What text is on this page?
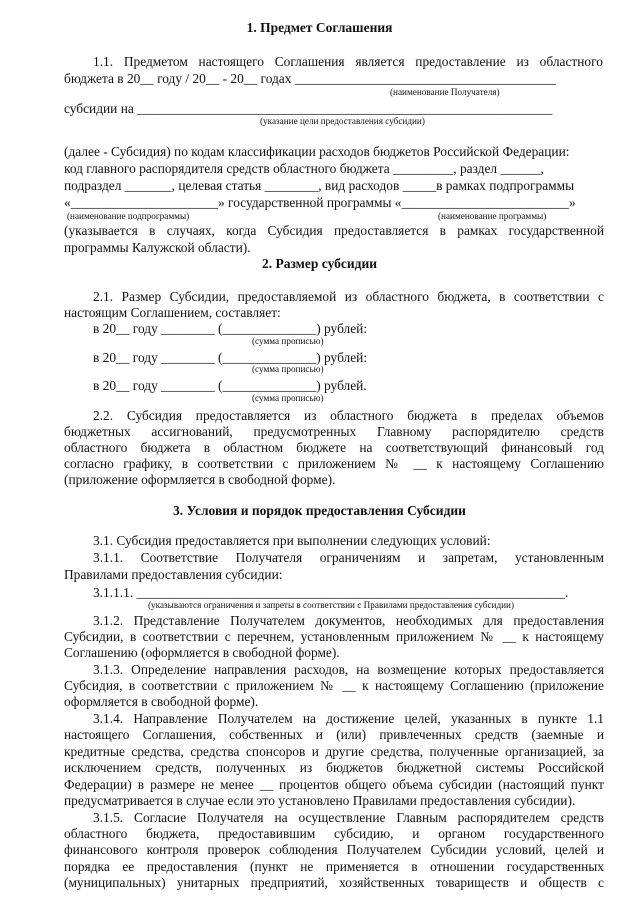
1. Предмет Соглашения
1.1. Предметом настоящего Соглашения является предоставление из областного
бюджета в 20__ году / 20__ - 20__ годах _______________________________________
(наименование Получателя)
субсидии на ______________________________________________________________
(указание цели предоставления субсидии)
(далее - Субсидия) по кодам классификации расходов бюджетов Российской Федерации:
код главного распорядителя средств областного бюджета _________, раздел ______,
подраздел _______, целевая статья ________, вид расходов _____в рамках подпрограммы
«______________________» государственной программы «_________________________»
(наименование подпрограммы)	(наименование программы)
(указывается в случаях, когда Субсидия предоставляется в рамках государственной
программы Калужской области).
2. Размер субсидии
2.1. Размер Субсидии, предоставляемой из областного бюджета, в соответствии с
настоящим Соглашением, составляет:
в 20__ году ________ (______________) рублей:
(сумма прописью)
в 20__ году ________ (______________) рублей:
(сумма прописью)
в 20__ году ________ (______________) рублей.
(сумма прописью)
2.2. Субсидия предоставляется из областного бюджета в пределах объемов
бюджетных ассигнований, предусмотренных Главному распорядителю средств
областного бюджета в областном бюджете на соответствующий финансовый год
согласно графику, в соответствии с приложением № __ к настоящему Соглашению
(приложение оформляется в свободной форме).
3. Условия и порядок предоставления Субсидии
3.1. Субсидия предоставляется при выполнении следующих условий:
3.1.1. Соответствие Получателя ограничениям и запретам, установленным
Правилами предоставления субсидии:
3.1.1.1. ________________________________________________________________.
(указываются ограничения и запреты в соответствии с Правилами предоставления субсидии)
3.1.2. Представление Получателем документов, необходимых для предоставления
Субсидии, в соответствии с перечнем, установленным приложением № __ к настоящему
Соглашению (оформляется в свободной форме).
3.1.3. Определение направления расходов, на возмещение которых предоставляется
Субсидия, в соответствии с приложением № __ к настоящему Соглашению (приложение
оформляется в свободной форме).
3.1.4. Направление Получателем на достижение целей, указанных в пункте 1.1
настоящего Соглашения, собственных и (или) привлеченных средств (заемные и
кредитные средства, средства спонсоров и другие средства, полученные организацией, за
исключением средств, полученных из бюджетов бюджетной системы Российской
Федерации) в размере не менее __ процентов общего объема субсидии (настоящий пункт
предусматривается в случае если это установлено Правилами предоставления субсидии).
3.1.5. Согласие Получателя на осуществление Главным распорядителем средств
областного бюджета, предоставившим субсидию, и органом государственного
финансового контроля проверок соблюдения Получателем Субсидии условий, целей и
порядка ее предоставления (пункт не применяется в отношении государственных
(муниципальных) унитарных предприятий, хозяйственных товариществ и обществ с
